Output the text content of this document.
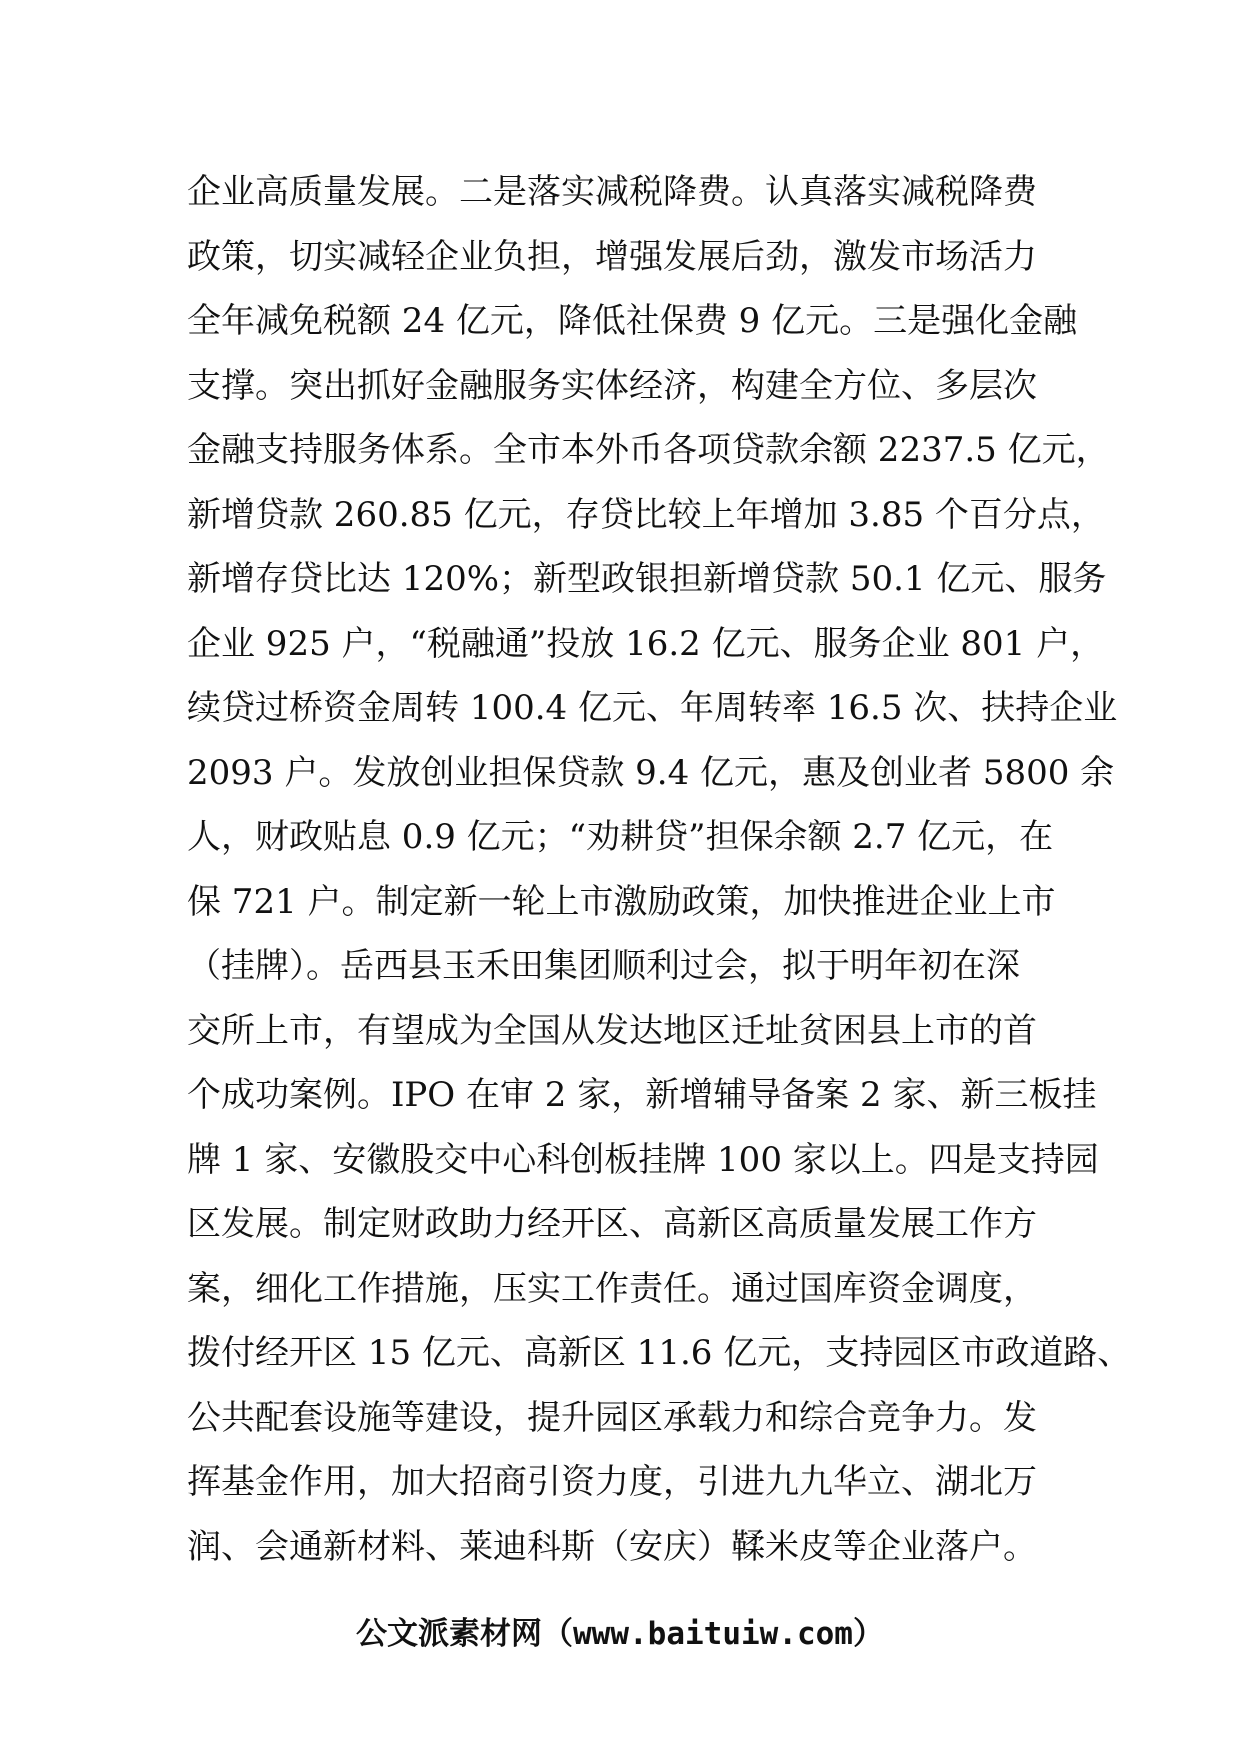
企业高质量发展。二是落实减税降费。认真落实减税降费
政策，切实减轻企业负担，增强发展后劲，激发市场活力
全年减免税额 24 亿元，降低社保费 9 亿元。三是强化金融
支撑。突出抓好金融服务实体经济，构建全方位、多层次
金融支持服务体系。全市本外币各项贷款余额 2237.5 亿元，
新增贷款 260.85 亿元，存贷比较上年增加 3.85 个百分点，
新增存贷比达 120%；新型政银担新增贷款 50.1 亿元、服务
企业 925 户，“税融通”投放 16.2 亿元、服务企业 801 户，
续贷过桥资金周转 100.4 亿元、年周转率 16.5 次、扶持企业
2093 户。发放创业担保贷款 9.4 亿元，惠及创业者 5800 余
人，财政贴息 0.9 亿元；“劝耕贷”担保余额 2.7 亿元，在
保 721 户。制定新一轮上市激励政策，加快推进企业上市
（挂牌）。岳西县玉禾田集团顺利过会，拟于明年初在深
交所上市，有望成为全国从发达地区迁址贫困县上市的首
个成功案例。IPO 在审 2 家，新增辅导备案 2 家、新三板挂
牌 1 家、安徽股交中心科创板挂牌 100 家以上。四是支持园
区发展。制定财政助力经开区、高新区高质量发展工作方
案，细化工作措施，压实工作责任。通过国库资金调度，
拨付经开区 15 亿元、高新区 11.6 亿元，支持园区市政道路、
公共配套设施等建设，提升园区承载力和综合竞争力。发
挥基金作用，加大招商引资力度，引进九九华立、湖北万
润、会通新材料、莱迪科斯（安庆）鞣米皮等企业落户。
公文派素材网（www.baituiw.com）
